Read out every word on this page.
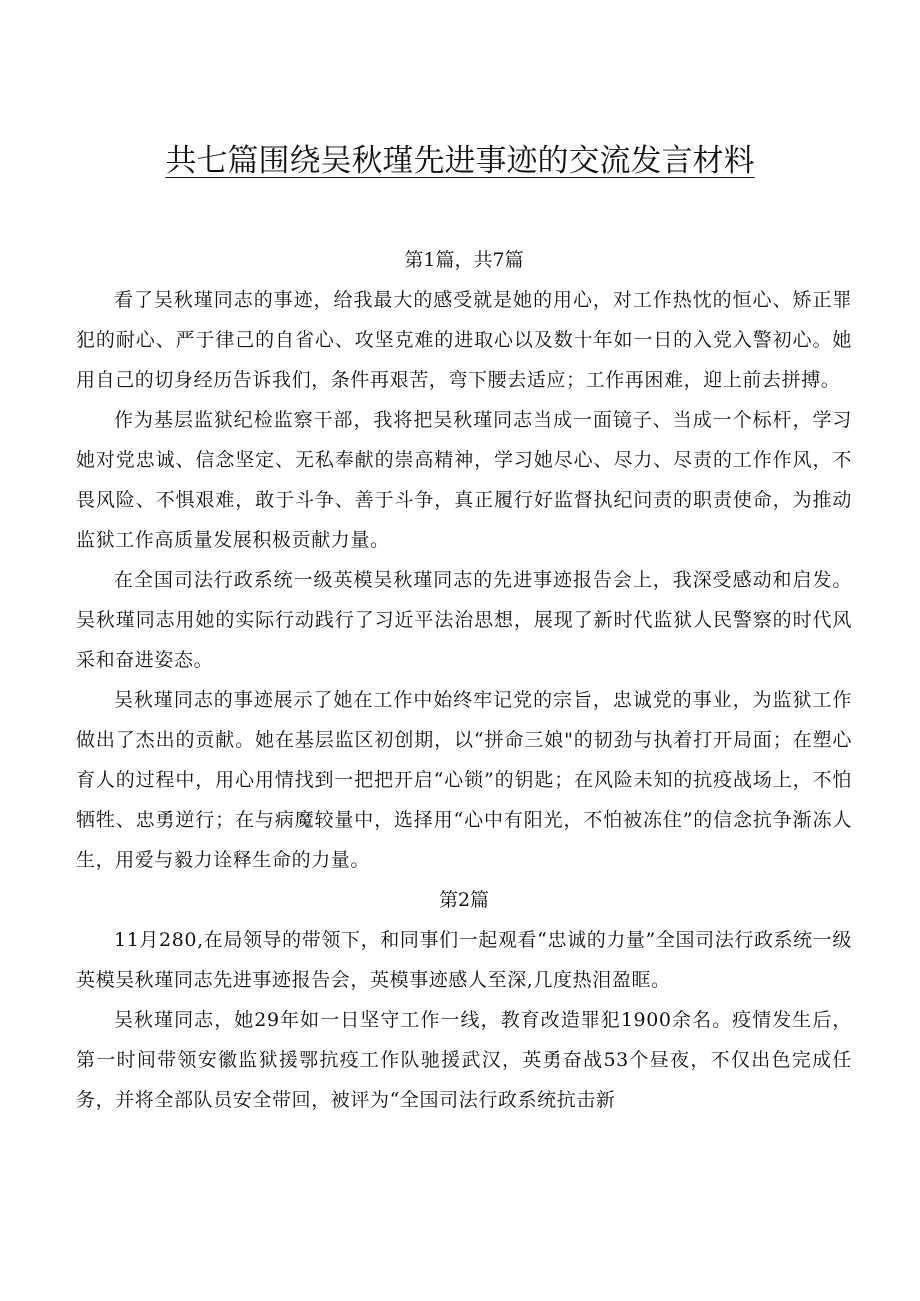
共七篇围绕吴秋瑾先进事迹的交流发言材料

第1篇，共7篇

看了吴秋瑾同志的事迹，给我最大的感受就是她的用心，对工作热忱的恒心、矫正罪犯的耐心、严于律己的自省心、攻坚克难的进取心以及数十年如一日的入党入警初心。她用自己的切身经历告诉我们，条件再艰苦，弯下腰去适应；工作再困难，迎上前去拼搏。

作为基层监狱纪检监察干部，我将把吴秋瑾同志当成一面镜子、当成一个标杆，学习她对党忠诚、信念坚定、无私奉献的崇高精神，学习她尽心、尽力、尽责的工作作风，不畏风险、不惧艰难，敢于斗争、善于斗争，真正履行好监督执纪问责的职责使命，为推动监狱工作高质量发展积极贡献力量。

在全国司法行政系统一级英模吴秋瑾同志的先进事迹报告会上，我深受感动和启发。吴秋瑾同志用她的实际行动践行了习近平法治思想，展现了新时代监狱人民警察的时代风采和奋进姿态。

吴秋瑾同志的事迹展示了她在工作中始终牢记党的宗旨，忠诚党的事业，为监狱工作做出了杰出的贡献。她在基层监区初创期，以“拼命三娘"的韧劲与执着打开局面；在塑心育人的过程中，用心用情找到一把把开启“心锁”的钥匙；在风险未知的抗疫战场上，不怕牺牲、忠勇逆行；在与病魔较量中，选择用“心中有阳光，不怕被冻住”的信念抗争渐冻人生，用爱与毅力诠释生命的力量。

第2篇

11月280,在局领导的带领下，和同事们一起观看“忠诚的力量”全国司法行政系统一级英模吴秋瑾同志先进事迹报告会，英模事迹感人至深,几度热泪盈眶。

吴秋瑾同志，她29年如一日坚守工作一线，教育改造罪犯1900余名。疫情发生后，第一时间带领安徽监狱援鄂抗疫工作队驰援武汉，英勇奋战53个昼夜，不仅出色完成任务，并将全部队员安全带回，被评为“全国司法行政系统抗击新
